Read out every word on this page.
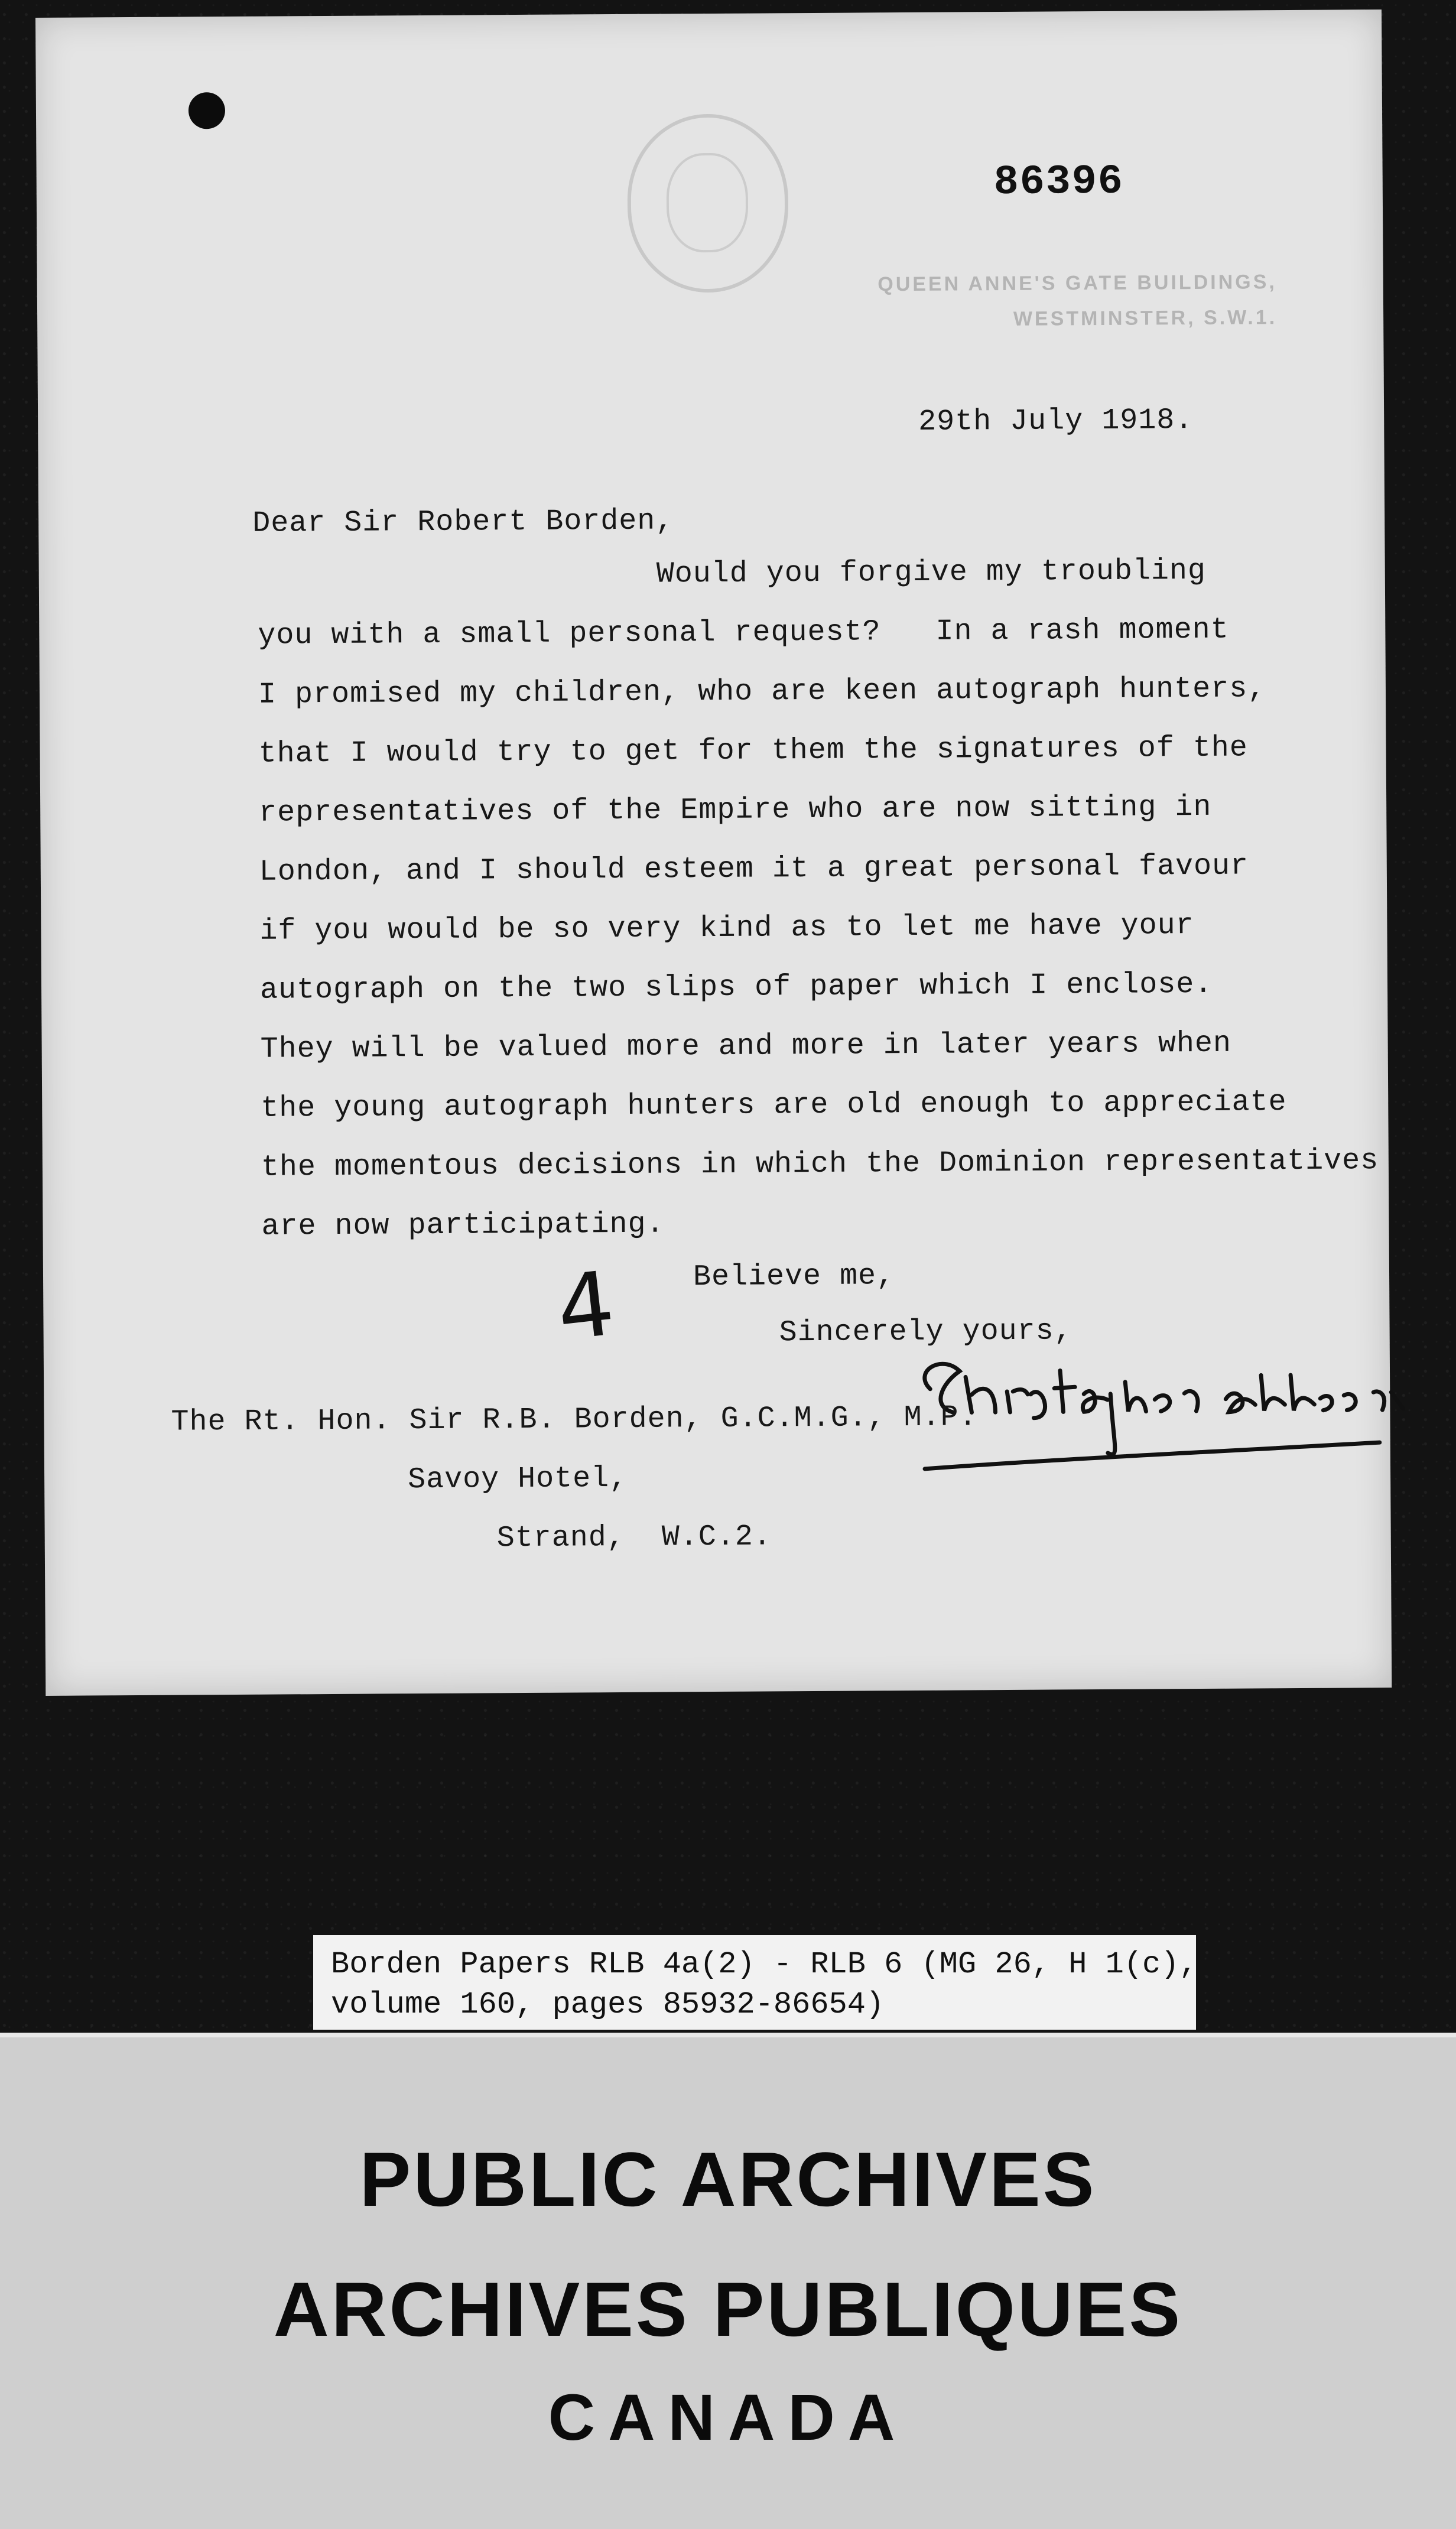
QUEEN ANNE'S GATE BUILDINGS,
WESTMINSTER, S.W.1.
86396
29th July 1918.
Dear Sir Robert Borden,
Would you forgive my troubling
you with a small personal request?   In a rash moment
I promised my children, who are keen autograph hunters,
that I would try to get for them the signatures of the
representatives of the Empire who are now sitting in
London, and I should esteem it a great personal favour
if you would be so very kind as to let me have your
autograph on the two slips of paper which I enclose.
They will be valued more and more in later years when
the young autograph hunters are old enough to appreciate
the momentous decisions in which the Dominion representatives
are now participating.
4 Believe me,
Sincerely yours,
The Rt. Hon. Sir R.B. Borden, G.C.M.G., M.P.
Savoy Hotel,
Strand,  W.C.2.
Borden Papers RLB 4a(2) - RLB 6 (MG 26, H 1(c),
volume 160, pages 85932-86654)
PUBLIC ARCHIVES
ARCHIVES PUBLIQUES
CANADA
